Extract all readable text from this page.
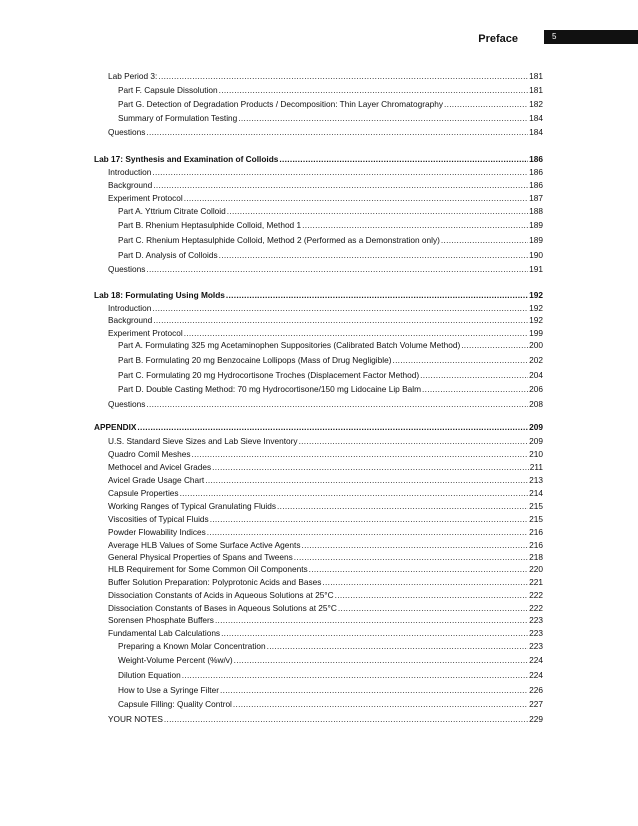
Preface	5
Lab Period 3: .....	181
Part F. Capsule Dissolution .....	181
Part G. Detection of Degradation Products / Decomposition: Thin Layer Chromatography .....	182
Summary of Formulation Testing .....	184
Questions .....	184
Lab 17: Synthesis and Examination of Colloids .....	186
Introduction .....	186
Background .....	186
Experiment Protocol .....	187
Part A. Yttrium Citrate Colloid .....	188
Part B. Rhenium Heptasulphide Colloid, Method 1 .....	189
Part C. Rhenium Heptasulphide Colloid, Method 2 (Performed as a Demonstration only) .....	189
Part D. Analysis of Colloids .....	190
Questions .....	191
Lab 18: Formulating Using Molds .....	192
Introduction .....	192
Background .....	192
Experiment Protocol .....	199
Part A. Formulating 325 mg Acetaminophen Suppositories (Calibrated Batch Volume Method) .....	200
Part B. Formulating 20 mg Benzocaine Lollipops (Mass of Drug Negligible) .....	202
Part C. Formulating 20 mg Hydrocortisone Troches (Displacement Factor Method) .....	204
Part D. Double Casting Method: 70 mg Hydrocortisone/150 mg Lidocaine Lip Balm .....	206
Questions .....	208
APPENDIX .....	209
U.S. Standard Sieve Sizes and Lab Sieve Inventory .....	209
Quadro Comil Meshes .....	210
Methocel and Avicel Grades .....	211
Avicel Grade Usage Chart .....	213
Capsule Properties .....	214
Working Ranges of Typical Granulating Fluids .....	215
Viscosities of Typical Fluids .....	215
Powder Flowability Indices .....	216
Average HLB Values of Some Surface Active Agents .....	216
General Physical Properties of Spans and Tweens .....	218
HLB Requirement for Some Common Oil Components .....	220
Buffer Solution Preparation: Polyprotonic Acids and Bases .....	221
Dissociation Constants of Acids in Aqueous Solutions at 25°C .....	222
Dissociation Constants of Bases in Aqueous Solutions at 25°C .....	222
Sorensen Phosphate Buffers .....	223
Fundamental Lab Calculations .....	223
Preparing a Known Molar Concentration .....	223
Weight-Volume Percent (%w/v) .....	224
Dilution Equation .....	224
How to Use a Syringe Filter .....	226
Capsule Filling: Quality Control .....	227
YOUR NOTES .....	229
